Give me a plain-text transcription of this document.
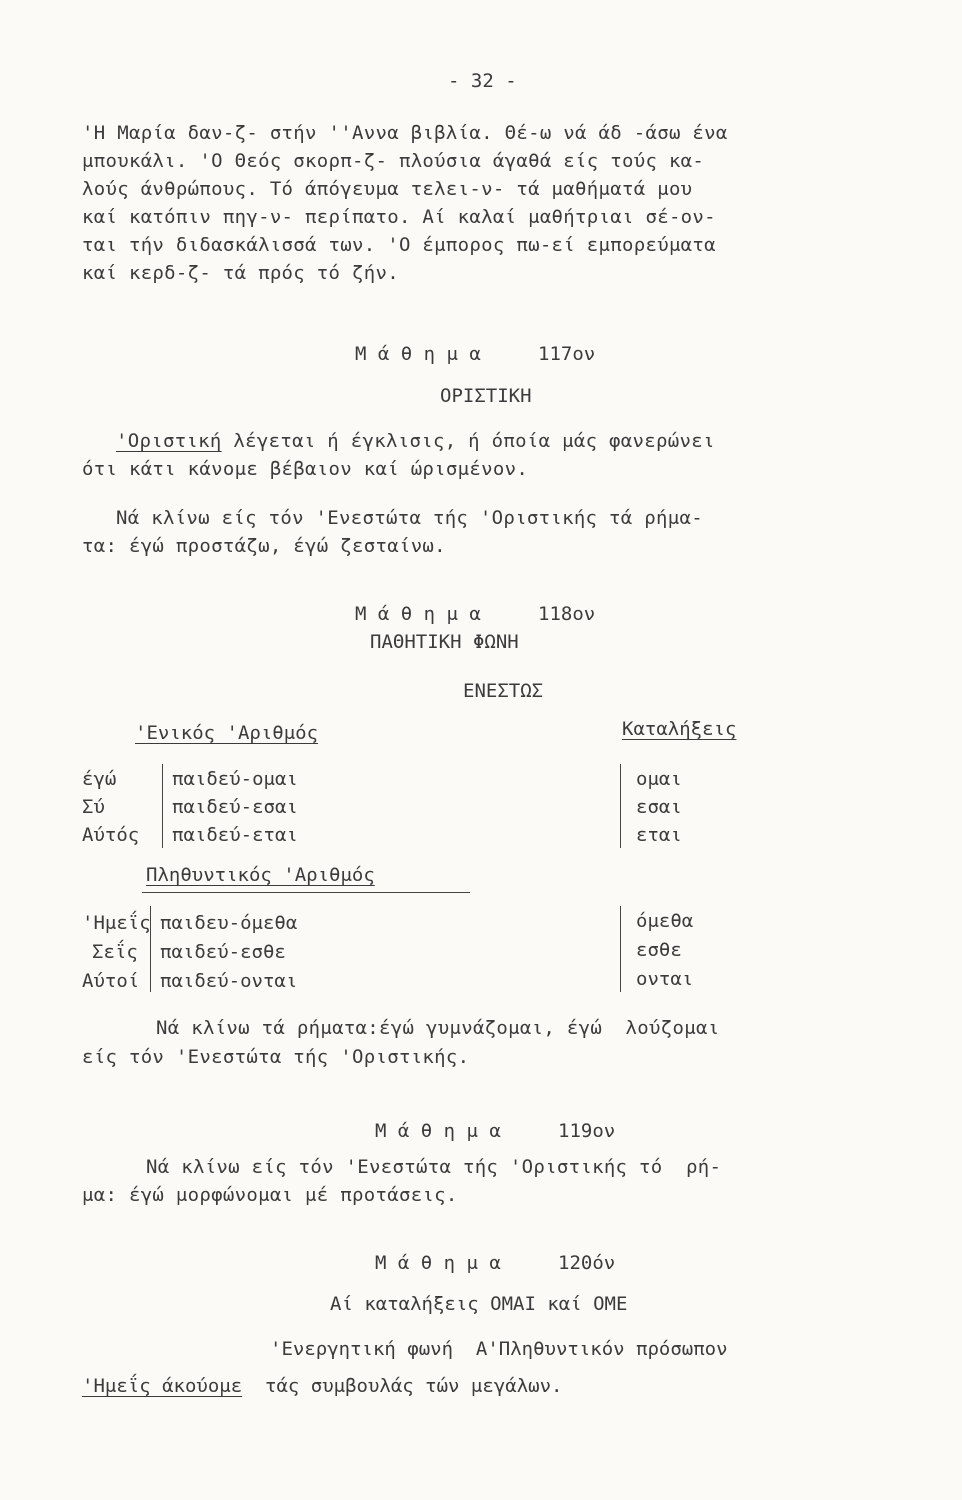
- 32 -
'Η Μαρία δαν-ζ- στήν ''Αννα βιβλία. Θέ-ω νά άδ -άσω ένα
μπουκάλι. 'Ο Θεός σκορπ-ζ- πλούσια άγαθά είς τούς κα-
λούς άνθρώπους. Τό άπόγευμα τελει-ν- τά μαθήματά μου
καί κατόπιν πηγ-ν- περίπατο. Αί καλαί μαθήτριαι σέ-ον-
ται τήν διδασκάλισσά των. 'Ο έμπορος πω-εί εμπορεύματα
καί κερδ-ζ- τά πρός τό ζήν.
Μ ά θ η μ α     117ον
ΟΡΙΣΤΙΚΗ
'Οριστική λέγεται ή έγκλισις, ή όποία μάς φανερώνει
ότι κάτι κάνομε βέβαιον καί ώρισμένον.
Νά κλίνω είς τόν 'Ενεστώτα τής 'Οριστικής τά ρήμα-
τα: έγώ προστάζω, έγώ ζεσταίνω.
Μ ά θ η μ α     118ον
ΠΑΘΗΤΙΚΗ ΦΩΝΗ
ΕΝΕΣΤΩΣ
'Ενικός 'Αριθμός	Καταλήξεις
έγώ	παιδεύ-ομαι	ομαι
Σύ	παιδεύ-εσαι	εσαι
Αύτός παιδεύ-εται	εται
Πληθυντικός 'Αριθμός
'Ημεΐς παιδευ-όμεθα	όμεθα
Σεΐς παιδεύ-εσθε	εσθε
Αύτοί παιδεύ-ονται	ονται
Νά κλίνω τά ρήματα:έγώ γυμνάζομαι, έγώ  λούζομαι
είς τόν 'Ενεστώτα τής 'Οριστικής.
Μ ά θ η μ α     119ον
Νά κλίνω είς τόν 'Ενεστώτα τής 'Οριστικής τό  ρή-
μα: έγώ μορφώνομαι μέ προτάσεις.
Μ ά θ η μ α     120όν
Αί καταλήξεις ΟΜΑΙ καί ΟΜΕ
'Ενεργητική φωνή  Α'Πληθυντικόν πρόσωπον
'Ημεΐς άκούομε  τάς συμβουλάς τών μεγάλων.
